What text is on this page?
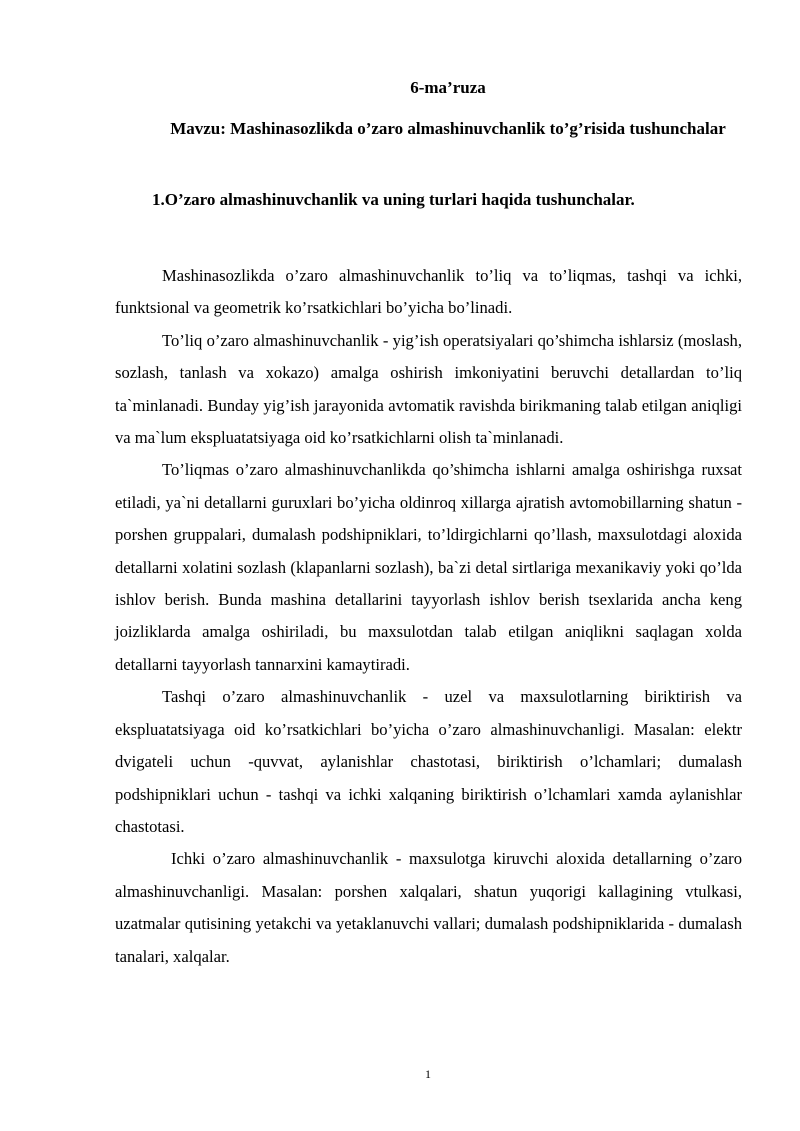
6-ma’ruza
Mavzu: Mashinasozlikda o’zaro almashinuvchanlik to’g’risida tushunchalar
1.O’zaro almashinuvchanlik va uning turlari haqida tushunchalar.

Mashinasozlikda o’zaro almashinuvchanlik to’liq va to’liqmas, tashqi va ichki, funktsional va geometrik ko’rsatkichlari bo’yicha bo’linadi.

To’liq o’zaro almashinuvchanlik - yig’ish operatsiyalari qo’shimcha ishlarsiz (moslash, sozlash, tanlash va xokazo) amalga oshirish imkoniyatini beruvchi detallardan to’liq ta`minlanadi. Bunday yig’ish jarayonida avtomatik ravishda birikmaning talab etilgan aniqligi va ma`lum ekspluatatsiyaga oid ko’rsatkichlarni olish ta`minlanadi.

To’liqmas o’zaro almashinuvchanlikda qo’shimcha ishlarni amalga oshirishga ruxsat etiladi, ya`ni detallarni guruxlari bo’yicha oldinroq xillarga ajratish avtomobillarning shatun - porshen gruppalari, dumalash podshipniklari, to’ldirgichlarni qo’llash, maxsulotdagi aloxida detallarni xolatini sozlash (klapanlarni sozlash), ba`zi detal sirtlariga mexanikaviy yoki qo’lda ishlov berish. Bunda mashina detallarini tayyorlash ishlov berish tsexlarida ancha keng joizliklarda amalga oshiriladi, bu maxsulotdan talab etilgan aniqlikni saqlagan xolda detallarni tayyorlash tannarxini kamaytiradi.

Tashqi o’zaro almashinuvchanlik - uzel va maxsulotlarning biriktirish va ekspluatatsiyaga oid ko’rsatkichlari bo’yicha o’zaro almashinuvchanligi. Masalan: elektr dvigateli uchun -quvvat, aylanishlar chastotasi, biriktirish o’lchamlari; dumalash podshipniklari uchun - tashqi va ichki xalqaning biriktirish o’lchamlari xamda aylanishlar chastotasi.

Ichki o’zaro almashinuvchanlik - maxsulotga kiruvchi aloxida detallarning o’zaro almashinuvchanligi. Masalan: porshen xalqalari, shatun yuqorigi kallagining vtulkasi, uzatmalar qutisining yetakchi va yetaklanuvchi vallari; dumalash podshipniklarida - dumalash tanalari, xalqalar.

1
